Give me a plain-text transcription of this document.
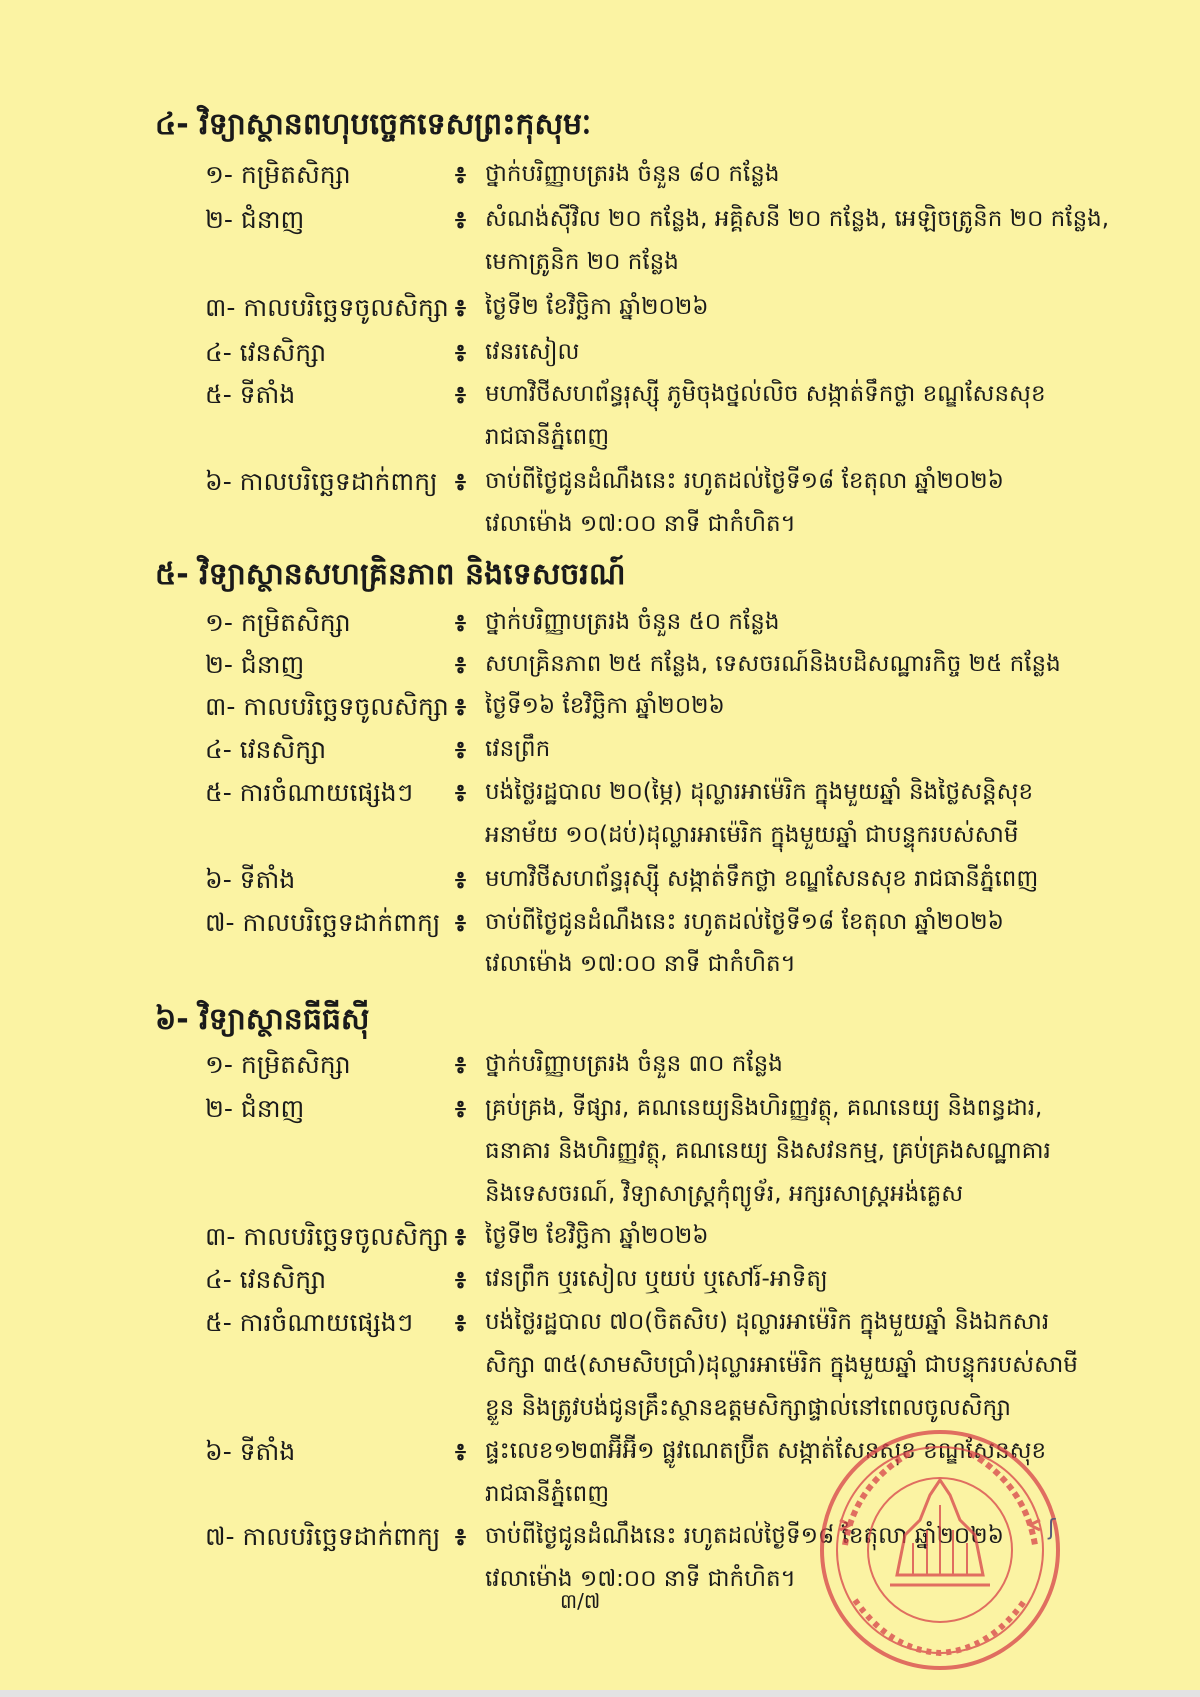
៤- វិទ្យាស្ថានពហុបច្ចេកទេសព្រះកុសុមៈ
១- កម្រិតសិក្សា	៖ ថ្នាក់បរិញ្ញាបត្ររង ចំនួន ៨០ កន្លែង
២- ជំនាញ	៖ សំណង់ស៊ីវិល ២០ កន្លែង, អគ្គិសនី ២០ កន្លែង, អេឡិចត្រូនិក ២០ កន្លែង,
មេកាត្រូនិក ២០ កន្លែង
៣- កាលបរិច្ឆេទចូលសិក្សា ៖ ថ្ងៃទី២ ខែវិច្ឆិកា ឆ្នាំ២០២៦
៤- វេនសិក្សា	៖ វេនរសៀល
៥- ទីតាំង	៖ មហាវិថីសហព័ន្ធរុស្ស៊ី ភូមិចុងថ្នល់លិច សង្កាត់ទឹកថ្លា ខណ្ឌសែនសុខ
រាជធានីភ្នំពេញ
៦- កាលបរិច្ឆេទដាក់ពាក្យ ៖ ចាប់ពីថ្ងៃជូនដំណឹងនេះ រហូតដល់ថ្ងៃទី១៨ ខែតុលា ឆ្នាំ២០២៦
វេលាម៉ោង ១៧:០០ នាទី ជាកំហិត។
៥- វិទ្យាស្ថានសហគ្រិនភាព និងទេសចរណ៍
១- កម្រិតសិក្សា	៖ ថ្នាក់បរិញ្ញាបត្ររង ចំនួន ៥០ កន្លែង
២- ជំនាញ	៖ សហគ្រិនភាព ២៥ កន្លែង, ទេសចរណ៍និងបដិសណ្ឋារកិច្ច ២៥ កន្លែង
៣- កាលបរិច្ឆេទចូលសិក្សា ៖ ថ្ងៃទី១៦ ខែវិច្ឆិកា ឆ្នាំ២០២៦
៤- វេនសិក្សា	៖ វេនព្រឹក
៥- ការចំណាយផ្សេងៗ ៖ បង់ថ្លៃរដ្ឋបាល ២០(ម្ភៃ) ដុល្លារអាម៉េរិក ក្នុងមួយឆ្នាំ និងថ្លៃសន្តិសុខ
អនាម័យ ១០(ដប់)ដុល្លារអាម៉េរិក ក្នុងមួយឆ្នាំ ជាបន្ទុករបស់សាមី
៦- ទីតាំង	៖ មហាវិថីសហព័ន្ធរុស្ស៊ី សង្កាត់ទឹកថ្លា ខណ្ឌសែនសុខ រាជធានីភ្នំពេញ
៧- កាលបរិច្ឆេទដាក់ពាក្យ ៖ ចាប់ពីថ្ងៃជូនដំណឹងនេះ រហូតដល់ថ្ងៃទី១៨ ខែតុលា ឆ្នាំ២០២៦
វេលាម៉ោង ១៧:០០ នាទី ជាកំហិត។
៦- វិទ្យាស្ថានធីធីស៊ី
១- កម្រិតសិក្សា	៖ ថ្នាក់បរិញ្ញាបត្ររង ចំនួន ៣០ កន្លែង
២- ជំនាញ	៖ គ្រប់គ្រង, ទីផ្សារ, គណនេយ្យនិងហិរញ្ញវត្ថុ, គណនេយ្យ និងពន្ធដារ,
ធនាគារ និងហិរញ្ញវត្ថុ, គណនេយ្យ និងសវនកម្ម, គ្រប់គ្រងសណ្ឋាគារ
និងទេសចរណ៍, វិទ្យាសាស្ត្រកុំព្យូទ័រ, អក្សរសាស្ត្រអង់គ្លេស
៣- កាលបរិច្ឆេទចូលសិក្សា ៖ ថ្ងៃទី២ ខែវិច្ឆិកា ឆ្នាំ២០២៦
៤- វេនសិក្សា	៖ វេនព្រឹក ឬរសៀល ឬយប់ ឬសៅរ៍-អាទិត្យ
៥- ការចំណាយផ្សេងៗ ៖ បង់ថ្លៃរដ្ឋបាល ៧០(ចិតសិប) ដុល្លារអាម៉េរិក ក្នុងមួយឆ្នាំ និងឯកសារ
សិក្សា ៣៥(សាមសិបប្រាំ)ដុល្លារអាម៉េរិក ក្នុងមួយឆ្នាំ ជាបន្ទុករបស់សាមី
ខ្លួន និងត្រូវបង់ជូនគ្រឹះស្ថានឧត្តមសិក្សាផ្ទាល់នៅពេលចូលសិក្សា
៦- ទីតាំង	៖ ផ្ទះលេខ១២៣អ៊ីអ៊ី១ ផ្លូវណេតប្រ៊ីត សង្កាត់សែនសុខ ខណ្ឌសែនសុខ
រាជធានីភ្នំពេញ
៧- កាលបរិច្ឆេទដាក់ពាក្យ ៖ ចាប់ពីថ្ងៃជូនដំណឹងនេះ រហូតដល់ថ្ងៃទី១៨ ខែតុលា ឆ្នាំ២០២៦
វេលាម៉ោង ១៧:០០ នាទី ជាកំហិត។
ʃ
៣/៧
